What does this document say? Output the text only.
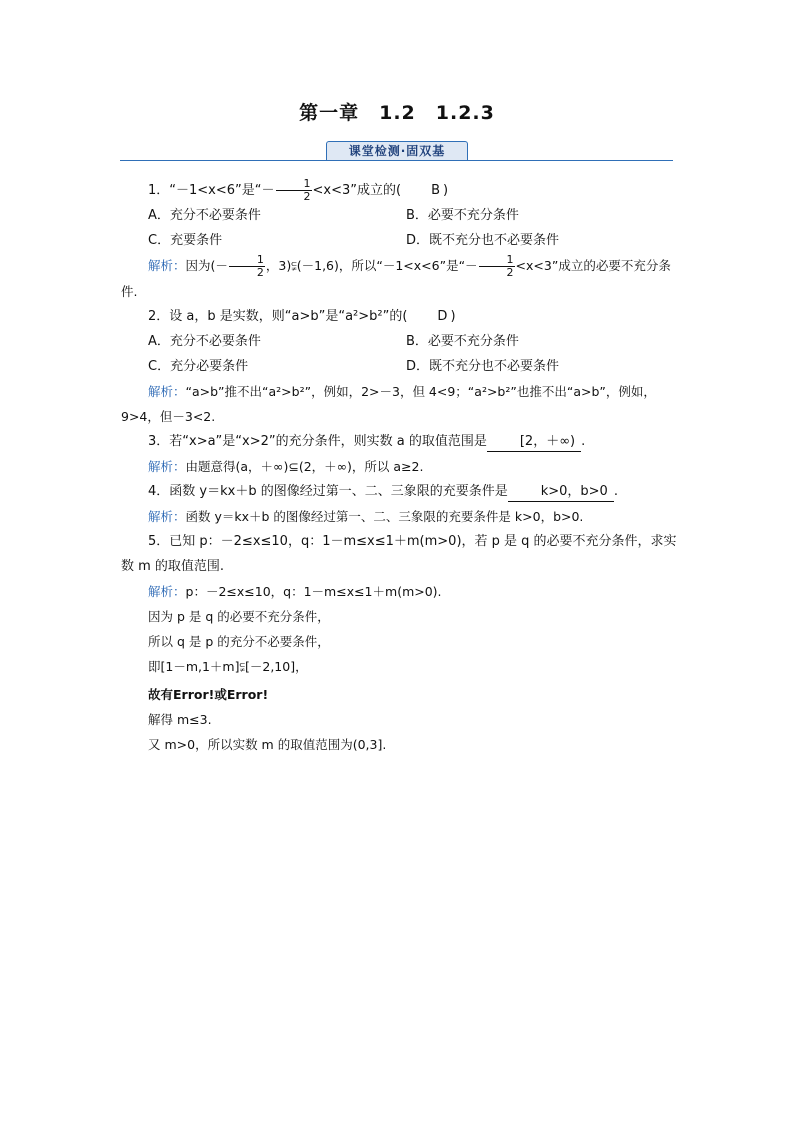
第一章　1.2　1.2.3
课堂检测·固双基

1．“－1<x<6”是“－ $\frac{1}{2} <x<3$”成立的( B )

A．充分不必要条件	B．必要不充分条件
C．充要条件	D．既不充分也不必要条件

解析：因为(－ $\frac{1}{2}$ ，3)⫋(－1,6)，所以“－1<x<6”是“－ $\frac{1}{2} <x<3$”成立的必要不充分条

件.

2．设 a，b 是实数，则“a>b”是“a²>b²”的( D )

A．充分不必要条件	B．必要不充分条件
C．充分必要条件	D．既不充分也不必要条件

解析：“a>b”推不出“a²>b²”，例如，2>－3，但 4<9；“a²>b²”也推不出“a>b”，例如，

9>4，但－3<2.

3．若“x>a”是“x>2”的充分条件，则实数 a 的取值范围是	[2，＋∞) .

解析：由题意得(a，＋∞)⊆(2，＋∞)，所以 a≥2.

4．函数 y＝kx＋b 的图像经过第一、二、三象限的充要条件是	k>0，b>0 .

解析：函数 y＝kx＋b 的图像经过第一、二、三象限的充要条件是 k>0，b>0.

5．已知 p：－2≤x≤10，q：1－m≤x≤1＋m(m>0)，若 p 是 q 的必要不充分条件，求实

数 m 的取值范围.

解析：p：－2≤x≤10，q：1－m≤x≤1＋m(m>0).

因为 p 是 q 的必要不充分条件，

所以 q 是 p 的充分不必要条件，

即[1－m,1＋m]⫋[－2,10]，

故有Error!或Error!

解得 m≤3.

又 m>0，所以实数 m 的取值范围为(0,3].
